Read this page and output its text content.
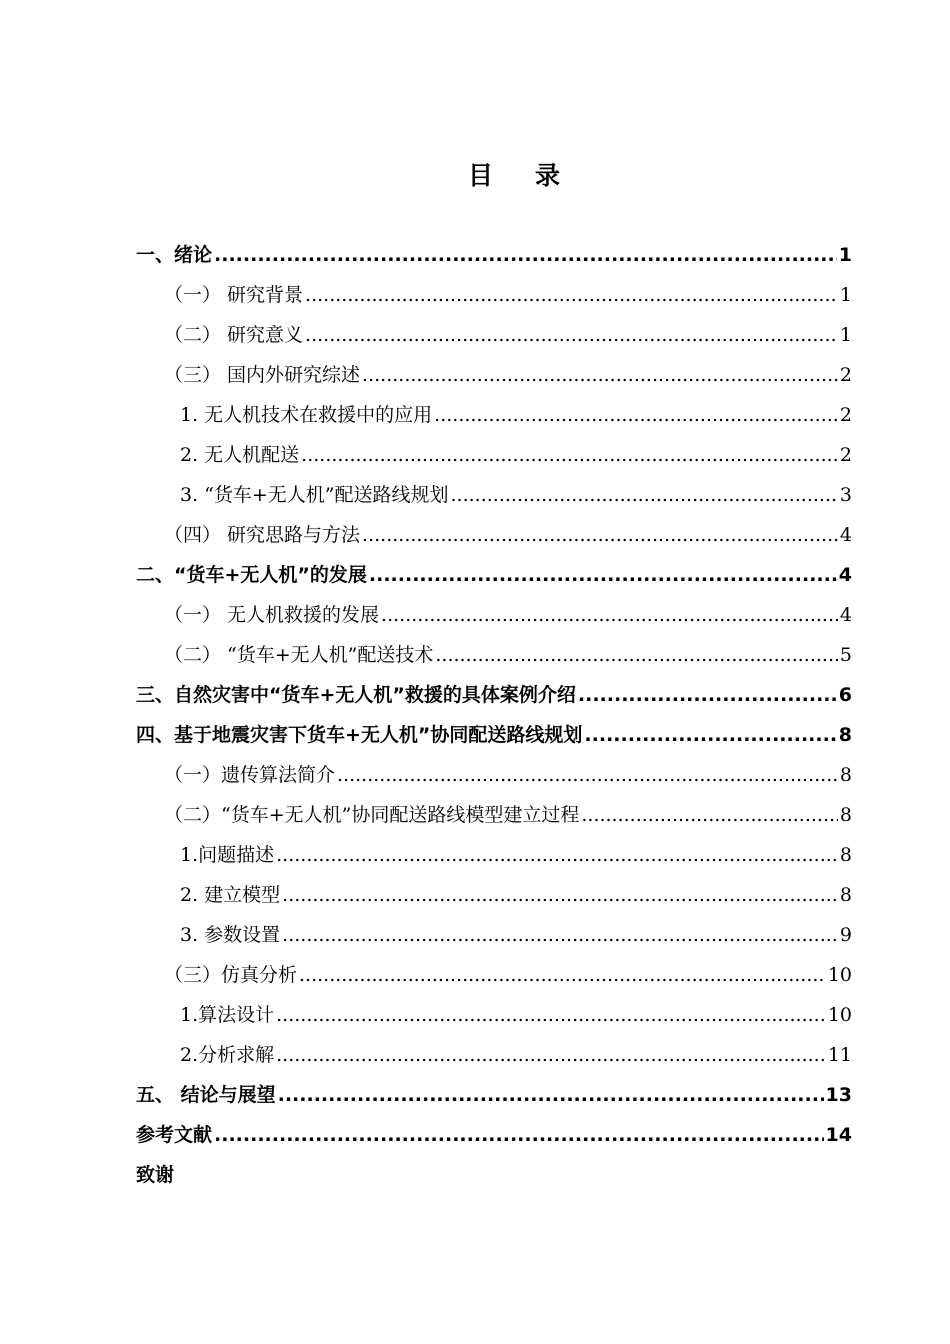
目 录
一、绪论 .....	1
（一） 研究背景 .....	1
（二） 研究意义 .....	1
（三） 国内外研究综述 .....	2
1. 无人机技术在救援中的应用 .....	2
2. 无人机配送 .....	2
3. “货车+无人机”配送路线规划 .....	3
（四） 研究思路与方法 .....	4
二、“货车+无人机”的发展 .....	4
（一） 无人机救援的发展 .....	4
（二） “货车+无人机”配送技术 .....	5
三、自然灾害中“货车+无人机”救援的具体案例介绍 .....	6
四、基于地震灾害下货车+无人机”协同配送路线规划 .....	8
（一）遗传算法简介 .....	8
（二）“货车+无人机”协同配送路线模型建立过程 .....	8
1.问题描述 .....	8
2. 建立模型 .....	8
3. 参数设置 .....	9
（三）仿真分析 .....	10
1.算法设计 .....	10
2.分析求解 .....	11
五、 结论与展望 .....	13
参考文献 .....	14
致谢
